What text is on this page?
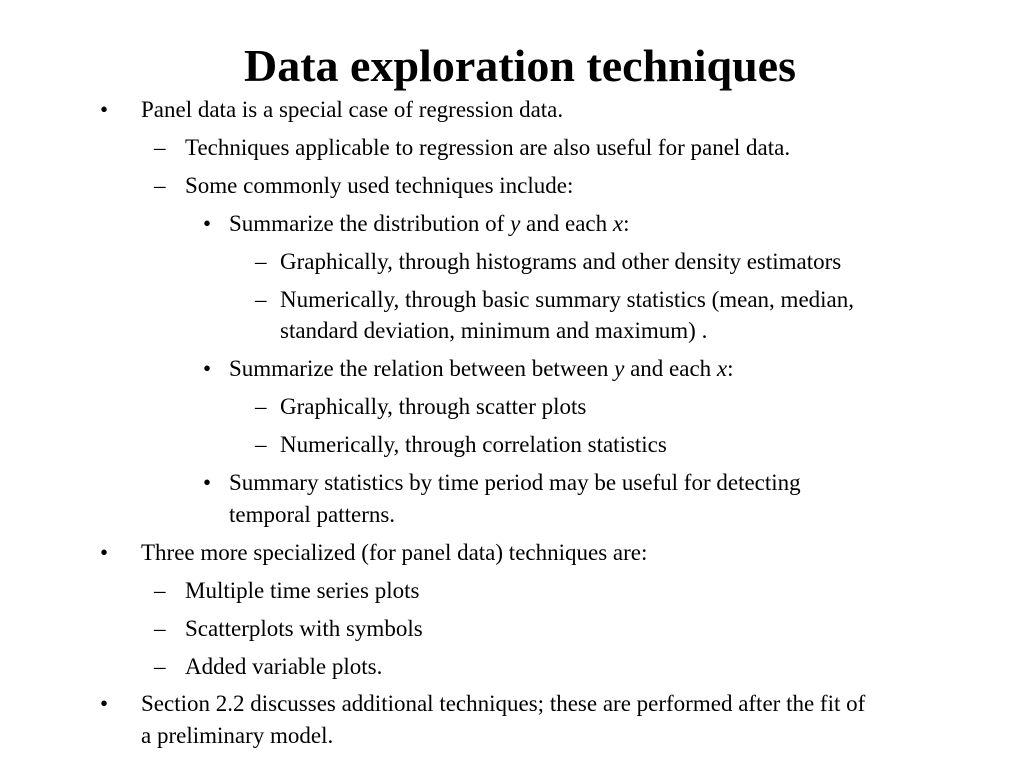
Data exploration techniques
• Panel data is a special case of regression data.
– Techniques applicable to regression are also useful for panel data.
– Some commonly used techniques include:
• Summarize the distribution of y and each x:
– Graphically, through histograms and other density estimators
– Numerically, through basic summary statistics (mean, median,
standard deviation, minimum and maximum) .
• Summarize the relation between between y and each x:
– Graphically, through scatter plots
– Numerically, through correlation statistics
• Summary statistics by time period may be useful for detecting
temporal patterns.
• Three more specialized (for panel data) techniques are:
– Multiple time series plots
– Scatterplots with symbols
– Added variable plots.
• Section 2.2 discusses additional techniques; these are performed after the fit of
a preliminary model.
